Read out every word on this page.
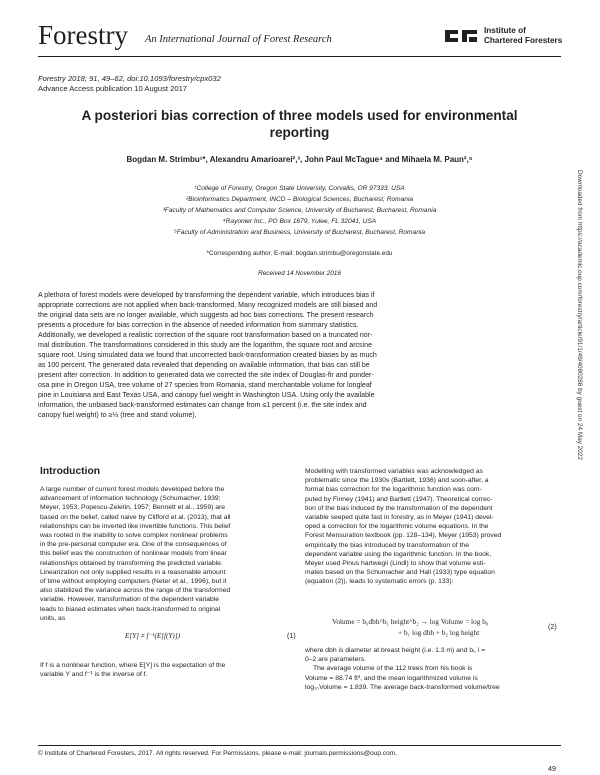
Forestry An International Journal of Forest Research
Institute of
Chartered Foresters
Forestry 2018; 91, 49–62, doi:10.1093/forestry/cpx032
Advance Access publication 10 August 2017
A posteriori bias correction of three models used for environmental
reporting
Bogdan M. Strimbu¹*, Alexandru Amarioarei²,³, John Paul McTague⁴ and Mihaela M. Paun²,⁵
¹College of Forestry, Oregon State University, Corvallis, OR 97333, USA
²Bioinformatics Department, INCD – Biological Sciences, Bucharest, Romania
³Faculty of Mathematics and Computer Science, University of Bucharest, Bucharest, Romania
⁴Rayonier Inc., PO Box 1679, Yulee, FL 32041, USA
⁵Faculty of Administration and Business, University of Bucharest, Bucharest, Romania
*Corresponding author. E-mail: bogdan.strimbu@oregonstate.edu
Received 14 November 2016
A plethora of forest models were developed by transforming the dependent variable, which introduces bias if
appropriate corrections are not applied when back-transformed. Many recognized models are still biased and
the original data sets are no longer available, which suggests ad hoc bias corrections. The present research
presents a procedure for bias correction in the absence of needed information from summary statistics.
Additionally, we developed a realistic correction of the square root transformation based on a truncated nor-
mal distribution. The transformations considered in this study are the logarithm, the square root and arcsine
square root. Using simulated data we found that uncorrected back-transformation created biases by as much
as 100 percent. The generated data revealed that depending on available information, that bias can still be
present after correction. In addition to generated data we corrected the site index of Douglas-fir and ponder-
osa pine in Oregon USA, tree volume of 27 species from Romania, stand merchantable volume for longleaf
pine in Louisiana and East Texas USA, and canopy fuel weight in Washington USA. Using only the available
information, the unbiased back-transformed estimates can change from ≤1 percent (i.e. the site index and
canopy fuel weight) to ≥⅓ (tree and stand volume).
Introduction
A large number of current forest models developed before the
advancement of information technology (Schumacher, 1939;
Meyer, 1953; Popescu-Zeletin, 1957; Bennett et al., 1959) are
based on the belief, called naive by Clifford et al. (2013), that all
relationships can be inverted like invertible functions. This belief
was rooted in the inability to solve complex nonlinear problems
in the pre-personal computer era. One of the consequences of
this belief was the construction of nonlinear models from linear
relationships obtained by transforming the predicted variable.
Linearization not only supplied results in a reasonable amount
of time without employing computers (Neter et al., 1996), but it
also stabilized the variance across the range of the transformed
variable. However, transformation of the dependent variable
leads to biased estimates when back-transformed to original
units, as
E[Y] ≠ f⁻¹(E[f(Y)])	(1)
If f is a nonlinear function, where E[Y] is the expectation of the
variable Y and f⁻¹ is the inverse of f.
Modelling with transformed variables was acknowledged as
problematic since the 1930s (Bartlett, 1936) and soon-after, a
formal bias correction for the logarithmic function was com-
puted by Finney (1941) and Bartlett (1947). Theoretical correc-
tion of the bias induced by the transformation of the dependent
variable seeped quite fast in forestry, as in Meyer (1941) devel-
oped a correction for the logarithmic volume equations. In the
Forest Mensuration textbook (pp. 128–134), Meyer (1953) proved
empirically the bias introduced by transformation of the
dependent variable using the logarithmic function. In the book,
Meyer used Pinus hartwegii (Lindl) to show that volume esti-
mates based on the Schumacher and Hall (1933) type equation
(equation (2)), leads to systematic errors (p. 133):
Volume = b₀dbh^b₁ height^b₂ → log Volume = log b₀
+ b₁ log dbh + b₂ log height
(2)
where dbh is diameter at breast height (i.e. 1.3 m) and bᵢ, i =
0–2 are parameters.
The average volume of the 112 trees from his book is
Volume = 88.74 ft³, and the mean logarithmized volume is
log₁₀Volume = 1.839. The average back-transformed volume/tree
© Institute of Chartered Foresters, 2017. All rights reserved. For Permissions, please e-mail: journals.permissions@oup.com.
49
Downloaded from https://academic.oup.com/forestry/article/91/1/49/4080288 by guest on 24 May 2022
